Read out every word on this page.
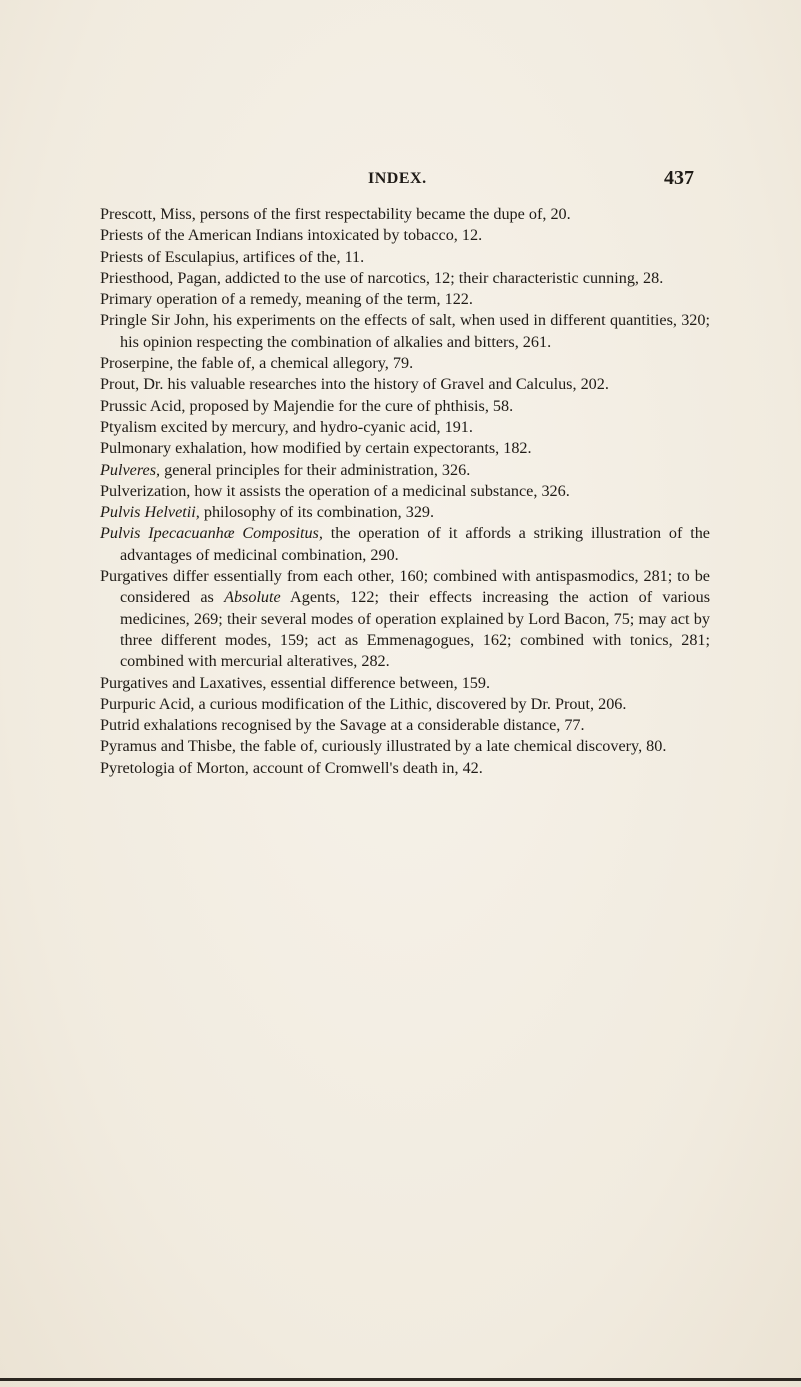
INDEX.	437
Prescott, Miss, persons of the first respectability became the dupe of, 20.
Priests of the American Indians intoxicated by tobacco, 12.
Priests of Esculapius, artifices of the, 11.
Priesthood, Pagan, addicted to the use of narcotics, 12; their characteristic cunning, 28.
Primary operation of a remedy, meaning of the term, 122.
Pringle Sir John, his experiments on the effects of salt, when used in different quantities, 320; his opinion respecting the combination of alkalies and bitters, 261.
Proserpine, the fable of, a chemical allegory, 79.
Prout, Dr. his valuable researches into the history of Gravel and Calculus, 202.
Prussic Acid, proposed by Majendie for the cure of phthisis, 58.
Ptyalism excited by mercury, and hydro-cyanic acid, 191.
Pulmonary exhalation, how modified by certain expectorants, 182.
Pulveres, general principles for their administration, 326.
Pulverization, how it assists the operation of a medicinal substance, 326.
Pulvis Helvetii, philosophy of its combination, 329.
Pulvis Ipecacuanhæ Compositus, the operation of it affords a striking illustration of the advantages of medicinal combination, 290.
Purgatives differ essentially from each other, 160; combined with antispasmodics, 281; to be considered as Absolute Agents, 122; their effects increasing the action of various medicines, 269; their several modes of operation explained by Lord Bacon, 75; may act by three different modes, 159; act as Emmenagogues, 162; combined with tonics, 281; combined with mercurial alteratives, 282.
Purgatives and Laxatives, essential difference between, 159.
Purpuric Acid, a curious modification of the Lithic, discovered by Dr. Prout, 206.
Putrid exhalations recognised by the Savage at a considerable distance, 77.
Pyramus and Thisbe, the fable of, curiously illustrated by a late chemical discovery, 80.
Pyretologia of Morton, account of Cromwell's death in, 42.
